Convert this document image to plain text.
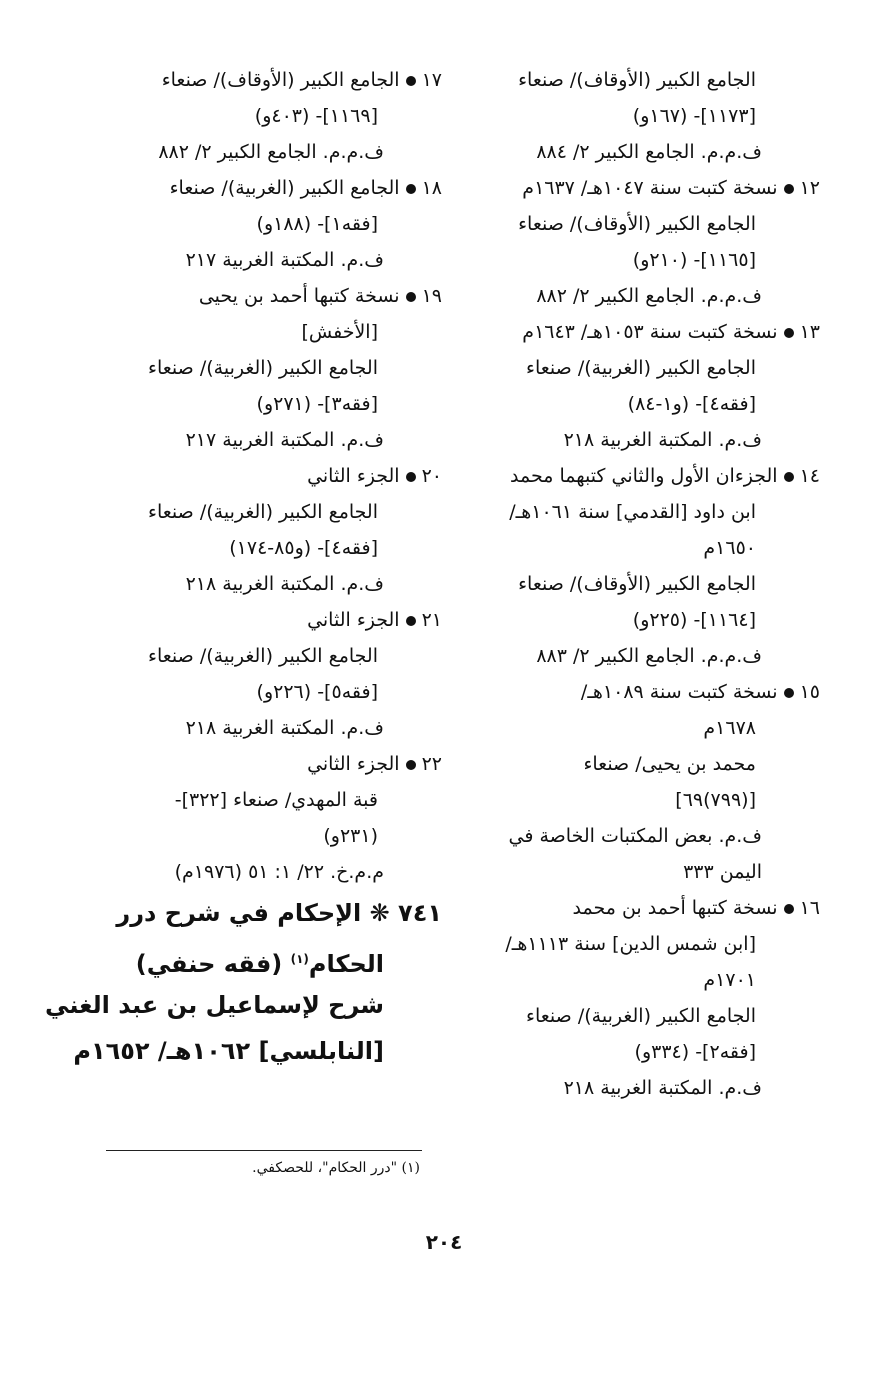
الجامع الكبير (الأوقاف)/ صنعاء
[١١٧٣]- (١٦٧و)
ف.م.م. الجامع الكبير ٢/ ٨٨٤
١٢نسخة كتبت سنة ١٠٤٧هـ/ ١٦٣٧م
الجامع الكبير (الأوقاف)/ صنعاء
[١١٦٥]- (٢١٠و)
ف.م.م. الجامع الكبير ٢/ ٨٨٢
١٣نسخة كتبت سنة ١٠٥٣هـ/ ١٦٤٣م
الجامع الكبير (الغربية)/ صنعاء
[فقه٤]- (و١-٨٤)
ف.م. المكتبة الغربية ٢١٨
١٤الجزءان الأول والثاني كتبهما محمد
ابن داود [القدمي] سنة ١٠٦١هـ/
١٦٥٠م
الجامع الكبير (الأوقاف)/ صنعاء
[١١٦٤]- (٢٢٥و)
ف.م.م. الجامع الكبير ٢/ ٨٨٣
١٥نسخة كتبت سنة ١٠٨٩هـ/
١٦٧٨م
محمد بن يحيى/ صنعاء
[(٧٩٩)٦٩]
ف.م. بعض المكتبات الخاصة في
اليمن ٣٣٣
١٦نسخة كتبها أحمد بن محمد
[ابن شمس الدين] سنة ١١١٣هـ/
١٧٠١م
الجامع الكبير (الغربية)/ صنعاء
[فقه٢]- (٣٣٤و)
ف.م. المكتبة الغربية ٢١٨
١٧الجامع الكبير (الأوقاف)/ صنعاء
[١١٦٩]- (٤٠٣و)
ف.م.م. الجامع الكبير ٢/ ٨٨٢
١٨الجامع الكبير (الغربية)/ صنعاء
[فقه١]- (١٨٨و)
ف.م. المكتبة الغربية ٢١٧
١٩نسخة كتبها أحمد بن يحيى
[الأخفش]
الجامع الكبير (الغربية)/ صنعاء
[فقه٣]- (٢٧١و)
ف.م. المكتبة الغربية ٢١٧
٢٠الجزء الثاني
الجامع الكبير (الغربية)/ صنعاء
[فقه٤]- (و٨٥-١٧٤)
ف.م. المكتبة الغربية ٢١٨
٢١الجزء الثاني
الجامع الكبير (الغربية)/ صنعاء
[فقه٥]- (٢٢٦و)
ف.م. المكتبة الغربية ٢١٨
٢٢الجزء الثاني
قبة المهدي/ صنعاء [٣٢٢]-
(٢٣١و)
م.م.خ. ٢٢/ ١: ٥١ (١٩٧٦م)
٧٤١ ❋ الإحكام في شرح درر
الحكام$^{(١)}$ (فقه حنفي)
شرح لإسماعيل بن عبد الغني
[النابلسي] ١٠٦٢هـ/ ١٦٥٢م
(١) "درر الحكام"، للحصكفي.
٢٠٤
